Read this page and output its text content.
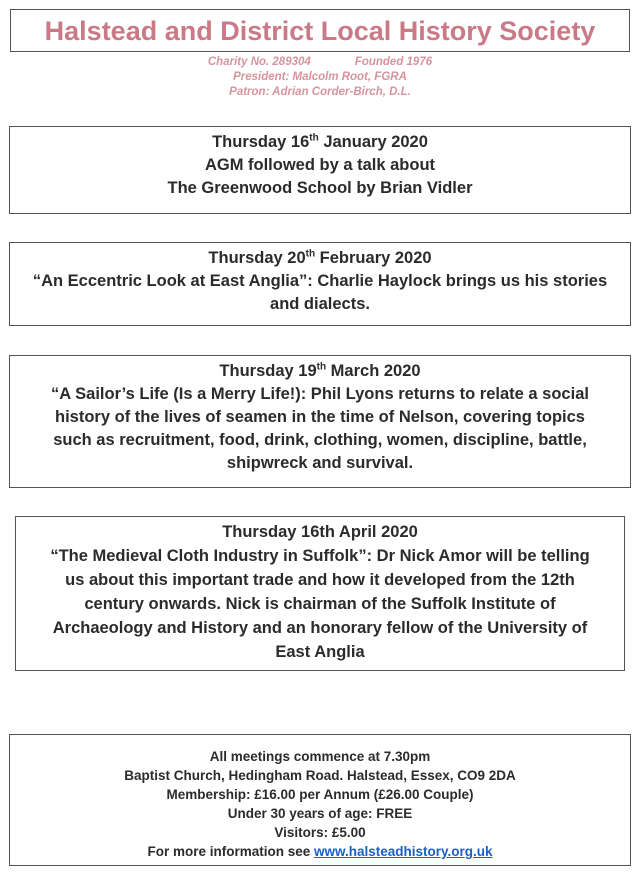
Halstead and District Local History Society
Charity No. 289304	Founded 1976
President: Malcolm Root, FGRA
Patron: Adrian Corder-Birch, D.L.
Thursday 16th January 2020
AGM followed by a talk about
The Greenwood School by Brian Vidler
Thursday 20th February 2020
“An Eccentric Look at East Anglia”: Charlie Haylock brings us his stories
and dialects.
Thursday 19th March 2020
“A Sailor’s Life (Is a Merry Life!): Phil Lyons returns to relate a social
history of the lives of seamen in the time of Nelson, covering topics
such as recruitment, food, drink, clothing, women, discipline, battle,
shipwreck and survival.
Thursday 16th April 2020
“The Medieval Cloth Industry in Suffolk”: Dr Nick Amor will be telling
us about this important trade and how it developed from the 12th
century onwards. Nick is chairman of the Suffolk Institute of
Archaeology and History and an honorary fellow of the University of
East Anglia
All meetings commence at 7.30pm
Baptist Church, Hedingham Road. Halstead, Essex, CO9 2DA
Membership: £16.00 per Annum (£26.00 Couple)
Under 30 years of age: FREE
Visitors: £5.00
For more information see www.halsteadhistory.org.uk
